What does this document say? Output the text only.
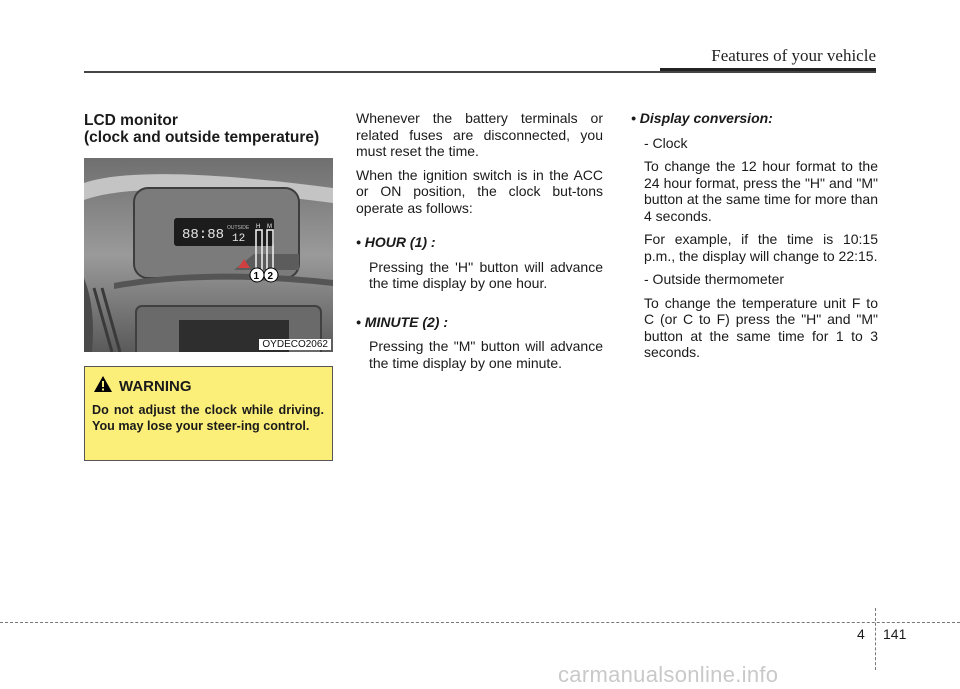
Features of your vehicle
LCD monitor
(clock and outside temperature)
88:88 OUTSIDE
12
H M
1 2
OYDECO2062
WARNING
Do not adjust the clock while driving. You may lose your steer-ing control.

Whenever the battery terminals or related fuses are disconnected, you must reset the time.

When the ignition switch is in the ACC or ON position, the clock but-tons operate as follows:

• HOUR (1) :

Pressing the 'H'' button will advance the time display by one hour.

• MINUTE (2) :

Pressing the "M" button will advance the time display by one minute.

• Display conversion:

- Clock

To change the 12 hour format to the 24 hour format, press the "H" and "M" button at the same time for more than 4 seconds.

For example, if the time is 10:15 p.m., the display will change to 22:15.

- Outside thermometer

To change the temperature unit F to C (or C to F) press the "H" and "M" button at the same time for 1 to 3 seconds.

4 141
carmanualsonline.info
